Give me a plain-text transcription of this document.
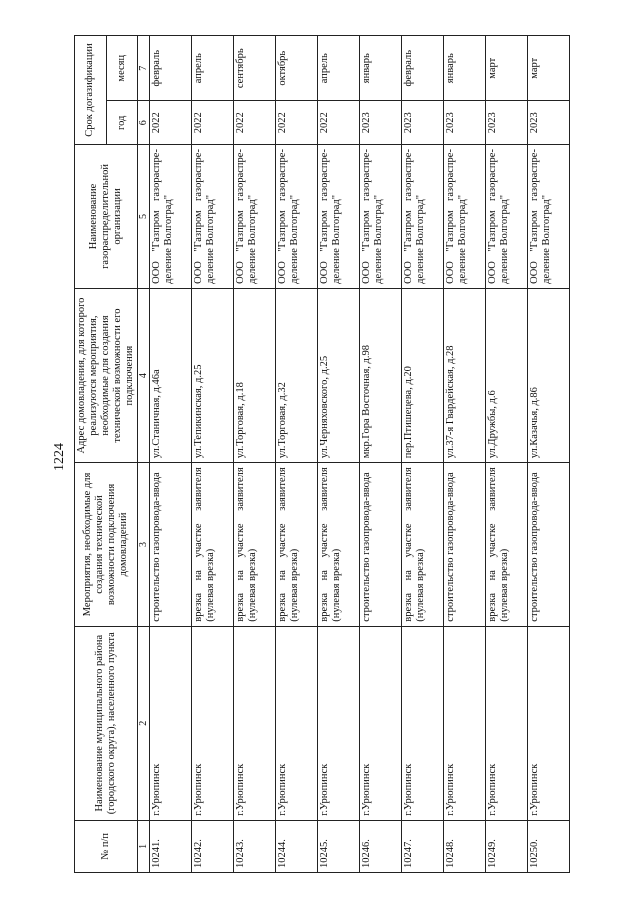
1224
№ п/п	Наименование муниципального района (городского округа), населенного пункта	Мероприятия, необходимые для создания технической возможности подключения домовладений	Адрес домовладения, для которого реализуются мероприятия, необходимые для создания технической возможности его подключения	Наименование газораспределительной организации	Срок догазификации	
					год	месяц
1	2	3	4	5	6	7
10241.	г.Урюпинск	строительство газопровода-ввода	ул.Станичная, д.46а	ООО "Газпром газораспре-деление Волгоград"	2022	февраль
10242.	г.Урюпинск	врезка на участке заявителя (нулевая врезка)	ул.Тепикинская, д.25	ООО "Газпром газораспре-деление Волгоград"	2022	апрель
10243.	г.Урюпинск	врезка на участке заявителя (нулевая врезка)	ул.Торговая, д.18	ООО "Газпром газораспре-деление Волгоград"	2022	сентябрь
10244.	г.Урюпинск	врезка на участке заявителя (нулевая врезка)	ул.Торговая, д.32	ООО "Газпром газораспре-деление Волгоград"	2022	октябрь
10245.	г.Урюпинск	врезка на участке заявителя (нулевая врезка)	ул.Черняховского, д.25	ООО "Газпром газораспре-деление Волгоград"	2022	апрель
10246.	г.Урюпинск	строительство газопровода-ввода	мкр.Гора Восточная, д.98	ООО "Газпром газораспре-деление Волгоград"	2023	январь
10247.	г.Урюпинск	врезка на участке заявителя (нулевая врезка)	пер.Птишецева, д.20	ООО "Газпром газораспре-деление Волгоград"	2023	февраль
10248.	г.Урюпинск	строительство газопровода-ввода	ул.37-я Гвардейская, д.28	ООО "Газпром газораспре-деление Волгоград"	2023	январь
10249.	г.Урюпинск	врезка на участке заявителя (нулевая врезка)	ул.Дружбы, д.6	ООО "Газпром газораспре-деление Волгоград"	2023	март
10250.	г.Урюпинск	строительство газопровода-ввода	ул.Казачья, д.86	ООО "Газпром газораспре-деление Волгоград"	2023	март
